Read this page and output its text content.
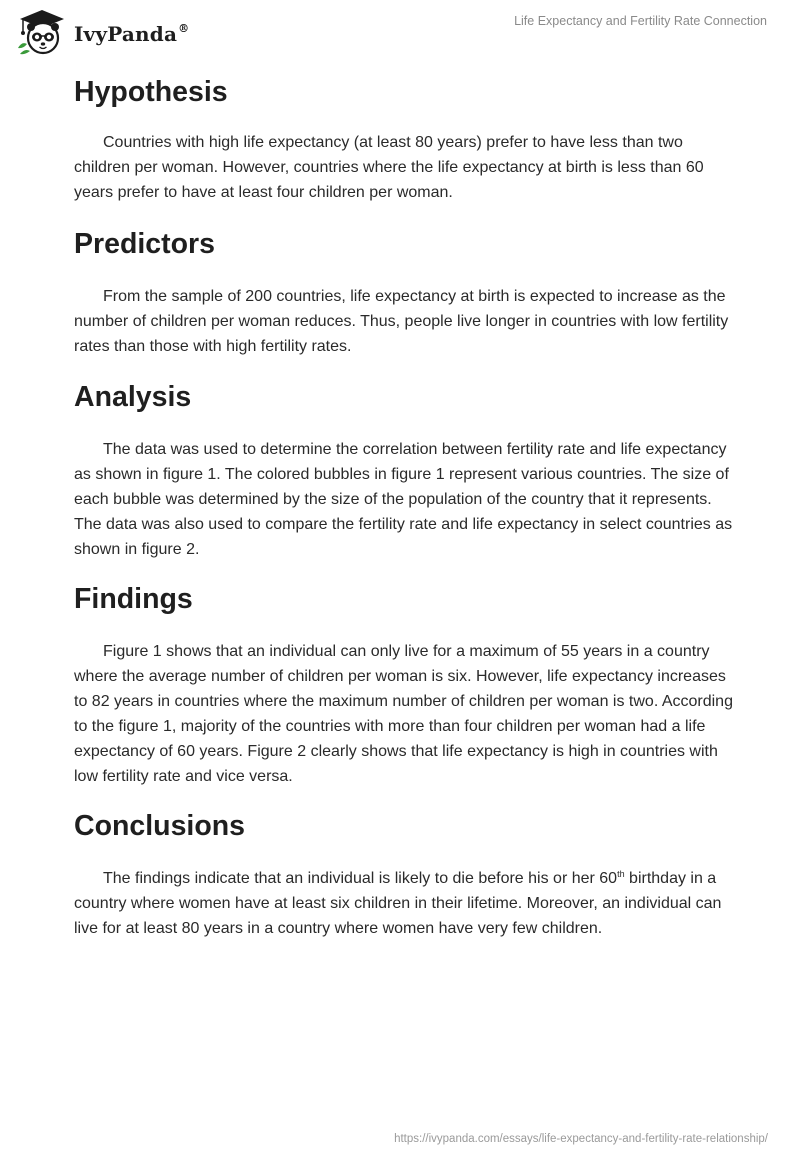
IvyPanda®
Life Expectancy and Fertility Rate Connection
Hypothesis

Countries with high life expectancy (at least 80 years) prefer to have less than two children per woman. However, countries where the life expectancy at birth is less than 60 years prefer to have at least four children per woman.

Predictors

From the sample of 200 countries, life expectancy at birth is expected to increase as the number of children per woman reduces. Thus, people live longer in countries with low fertility rates than those with high fertility rates.

Analysis

The data was used to determine the correlation between fertility rate and life expectancy as shown in figure 1. The colored bubbles in figure 1 represent various countries. The size of each bubble was determined by the size of the population of the country that it represents. The data was also used to compare the fertility rate and life expectancy in select countries as shown in figure 2.

Findings

Figure 1 shows that an individual can only live for a maximum of 55 years in a country where the average number of children per woman is six. However, life expectancy increases to 82 years in countries where the maximum number of children per woman is two. According to the figure 1, majority of the countries with more than four children per woman had a life expectancy of 60 years. Figure 2 clearly shows that life expectancy is high in countries with low fertility rate and vice versa.

Conclusions

The findings indicate that an individual is likely to die before his or her 60th birthday in a country where women have at least six children in their lifetime. Moreover, an individual can live for at least 80 years in a country where women have very few children.

https://ivypanda.com/essays/life-expectancy-and-fertility-rate-relationship/
